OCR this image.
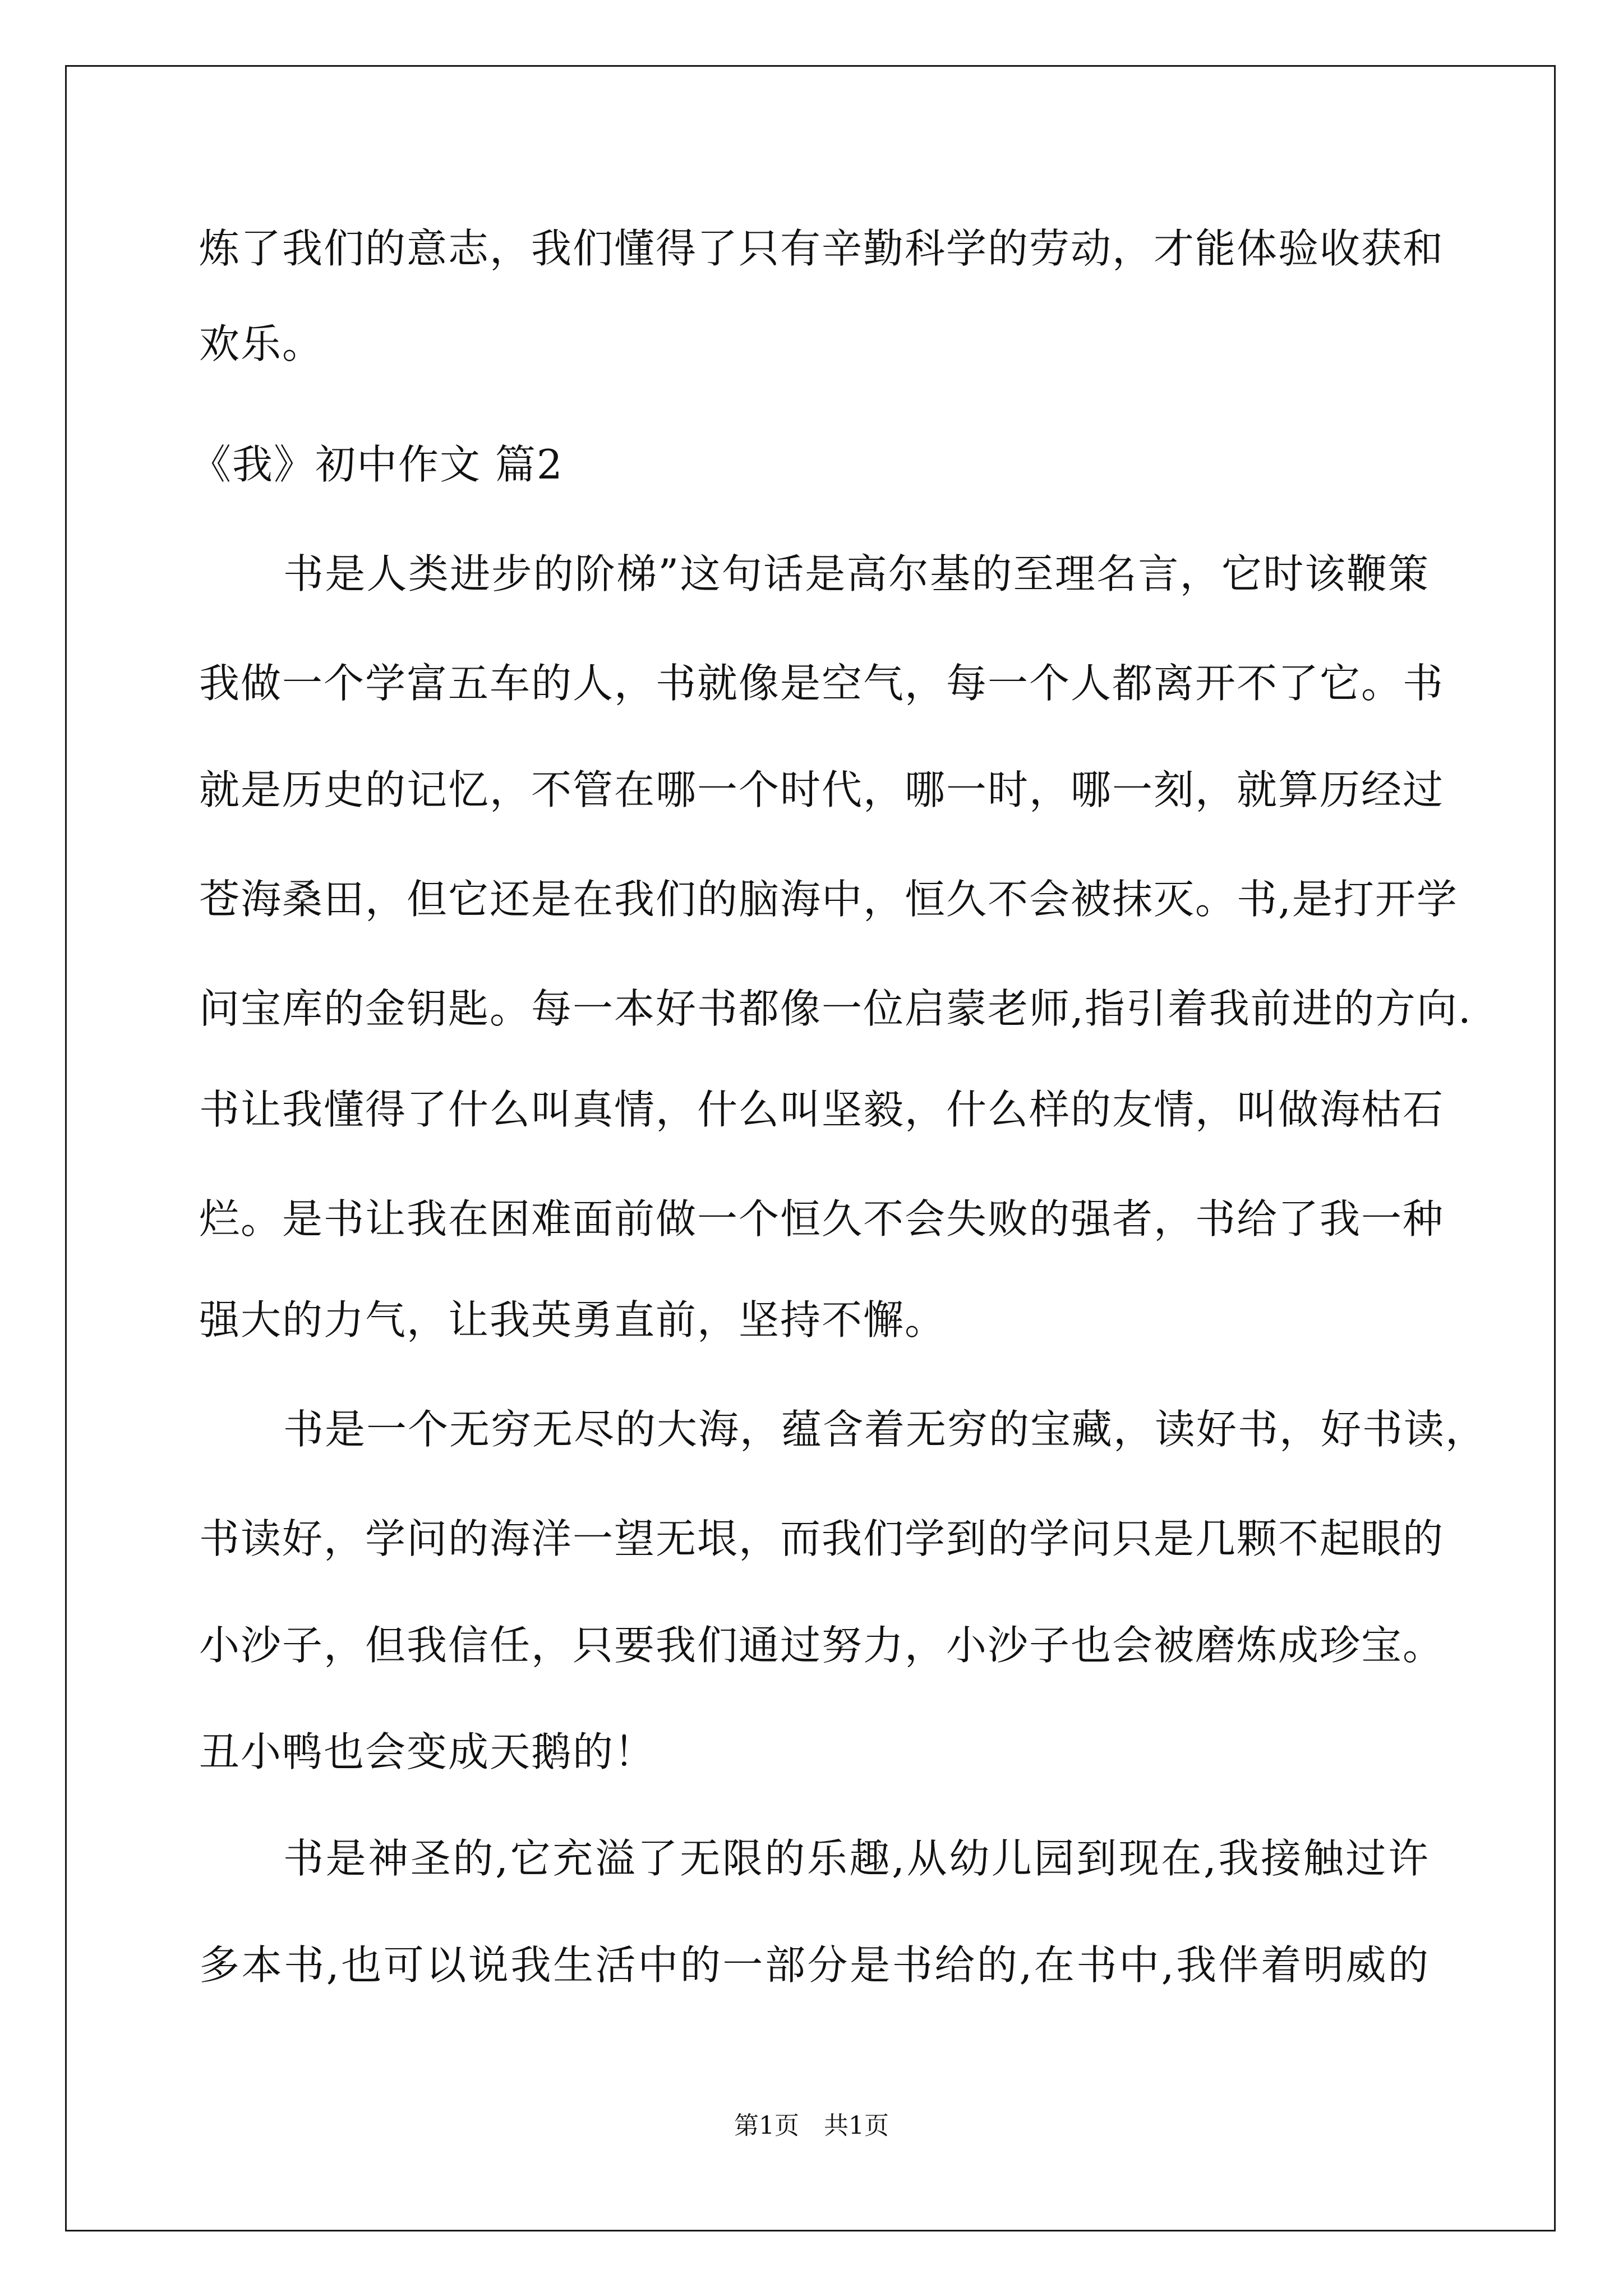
炼了我们的意志，我们懂得了只有辛勤科学的劳动，才能体验收获和
欢乐。
《我》初中作文 篇2
书是人类进步的阶梯”这句话是高尔基的至理名言，它时该鞭策
我做一个学富五车的人，书就像是空气，每一个人都离开不了它。书
就是历史的记忆，不管在哪一个时代，哪一时，哪一刻，就算历经过
苍海桑田，但它还是在我们的脑海中，恒久不会被抹灭。书,是打开学
问宝库的金钥匙。每一本好书都像一位启蒙老师,指引着我前进的方向.
书让我懂得了什么叫真情，什么叫坚毅，什么样的友情，叫做海枯石
烂。是书让我在困难面前做一个恒久不会失败的强者，书给了我一种
强大的力气，让我英勇直前，坚持不懈。
书是一个无穷无尽的大海，蕴含着无穷的宝藏，读好书，好书读，
书读好，学问的海洋一望无垠，而我们学到的学问只是几颗不起眼的
小沙子，但我信任，只要我们通过努力，小沙子也会被磨炼成珍宝。
丑小鸭也会变成天鹅的！
书是神圣的,它充溢了无限的乐趣,从幼儿园到现在,我接触过许
多本书,也可以说我生活中的一部分是书给的,在书中,我伴着明威的
第1页　共1页
